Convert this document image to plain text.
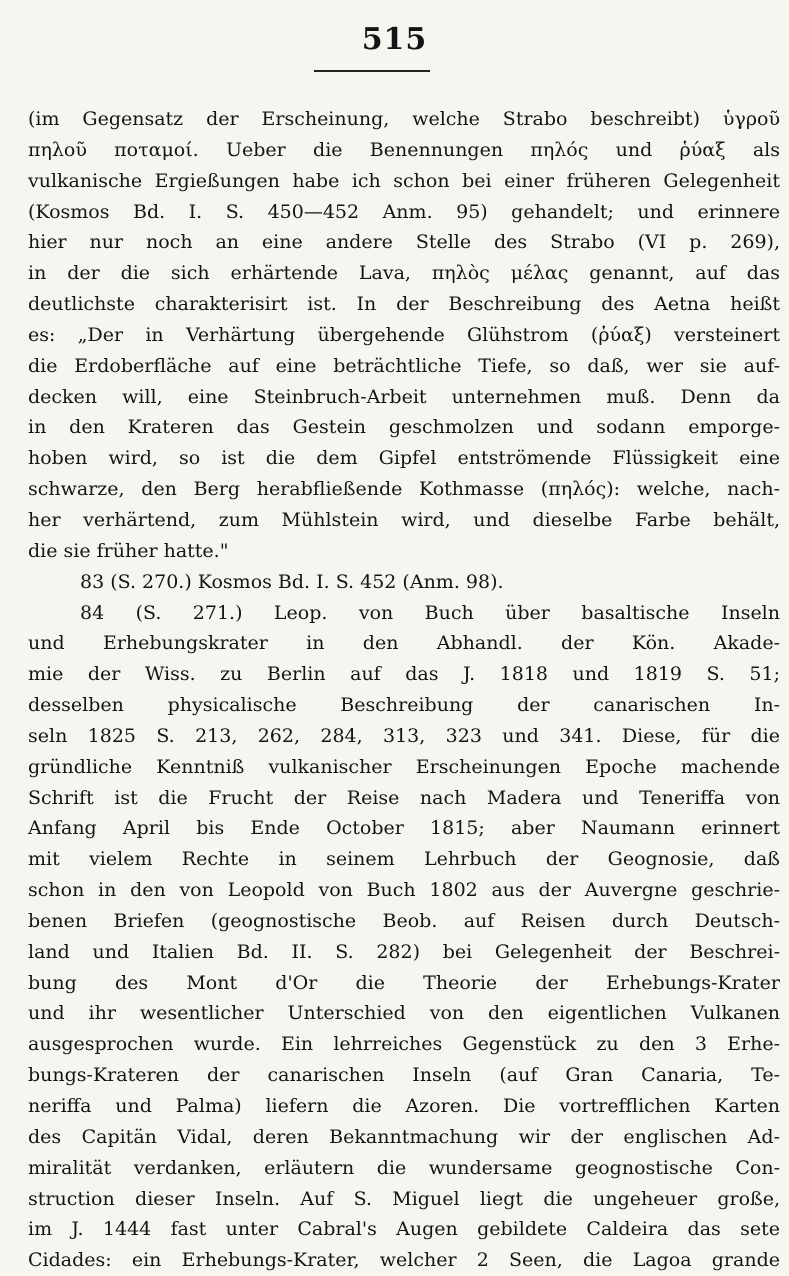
515
(im Gegensatz der Erscheinung, welche Strabo beschreibt) ὑγροῦ
πηλοῦ ποταμοί. Ueber die Benennungen πηλός und ῥύαξ als
vulkanische Ergießungen habe ich schon bei einer früheren Gelegenheit
(Kosmos Bd. I. S. 450—452 Anm. 95) gehandelt; und erinnere
hier nur noch an eine andere Stelle des Strabo (VI p. 269),
in der die sich erhärtende Lava, πηλὸς μέλας genannt, auf das
deutlichste charakterisirt ist. In der Beschreibung des Aetna heißt
es: „Der in Verhärtung übergehende Glühstrom (ῥύαξ) versteinert
die Erdoberfläche auf eine beträchtliche Tiefe, so daß, wer sie auf-
decken will, eine Steinbruch-Arbeit unternehmen muß. Denn da
in den Krateren das Gestein geschmolzen und sodann emporge-
hoben wird, so ist die dem Gipfel entströmende Flüssigkeit eine
schwarze, den Berg herabfließende Kothmasse (πηλός): welche, nach-
her verhärtend, zum Mühlstein wird, und dieselbe Farbe behält,
die sie früher hatte."
83 (S. 270.) Kosmos Bd. I. S. 452 (Anm. 98).
84 (S. 271.) Leop. von Buch über basaltische Inseln
und Erhebungskrater in den Abhandl. der Kön. Akade-
mie der Wiss. zu Berlin auf das J. 1818 und 1819 S. 51;
desselben physicalische Beschreibung der canarischen In-
seln 1825 S. 213, 262, 284, 313, 323 und 341. Diese, für die
gründliche Kenntniß vulkanischer Erscheinungen Epoche machende
Schrift ist die Frucht der Reise nach Madera und Teneriffa von
Anfang April bis Ende October 1815; aber Naumann erinnert
mit vielem Rechte in seinem Lehrbuch der Geognosie, daß
schon in den von Leopold von Buch 1802 aus der Auvergne geschrie-
benen Briefen (geognostische Beob. auf Reisen durch Deutsch-
land und Italien Bd. II. S. 282) bei Gelegenheit der Beschrei-
bung des Mont d'Or die Theorie der Erhebungs-Krater
und ihr wesentlicher Unterschied von den eigentlichen Vulkanen
ausgesprochen wurde. Ein lehrreiches Gegenstück zu den 3 Erhe-
bungs-Krateren der canarischen Inseln (auf Gran Canaria, Te-
neriffa und Palma) liefern die Azoren. Die vortrefflichen Karten
des Capitän Vidal, deren Bekanntmachung wir der englischen Ad-
miralität verdanken, erläutern die wundersame geognostische Con-
struction dieser Inseln. Auf S. Miguel liegt die ungeheuer große,
im J. 1444 fast unter Cabral's Augen gebildete Caldeira das sete
Cidades: ein Erhebungs-Krater, welcher 2 Seen, die Lagoa grande
